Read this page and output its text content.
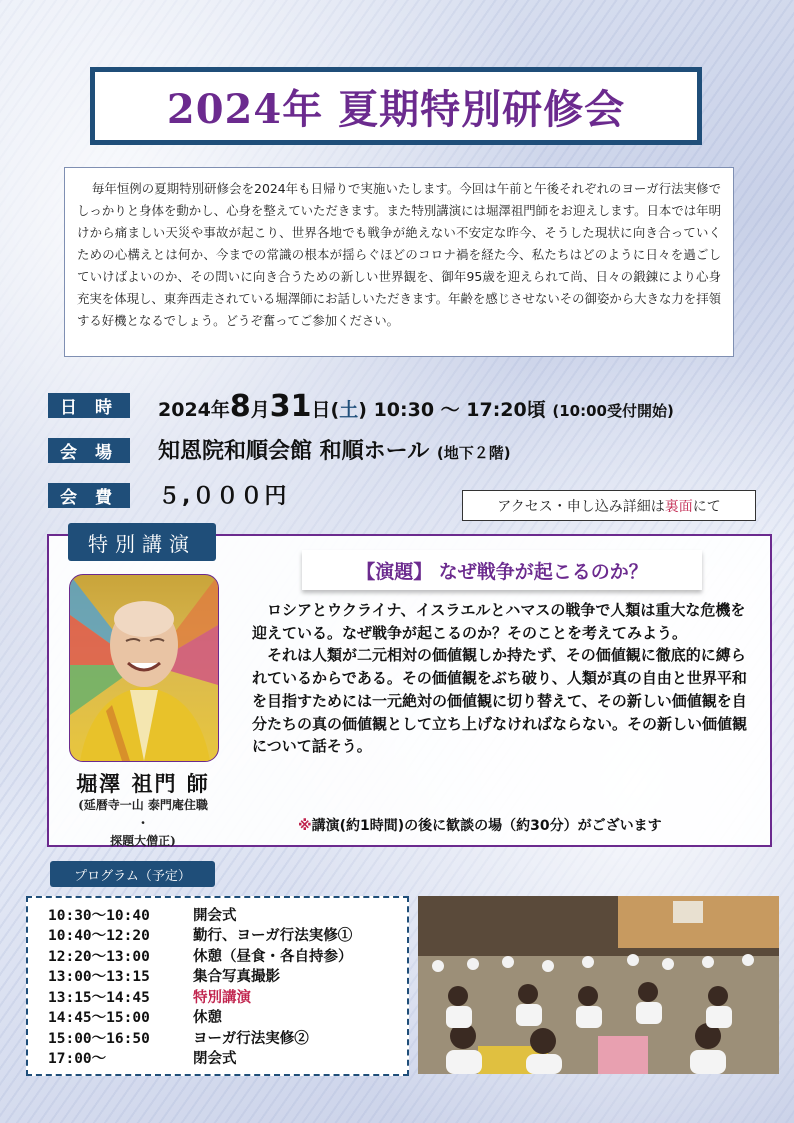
2024年 夏期特別研修会
毎年恒例の夏期特別研修会を2024年も日帰りで実施いたします。今回は午前と午後それぞれのヨーガ行法実修でしっかりと身体を動かし、心身を整えていただきます。また特別講演には堀澤祖門師をお迎えします。日本では年明けから痛ましい天災や事故が起こり、世界各地でも戦争が絶えない不安定な昨今、そうした現状に向き合っていくための心構えとは何か、今までの常識の根本が揺らぐほどのコロナ禍を経た今、私たちはどのように日々を過ごしていけばよいのか、その問いに向き合うための新しい世界観を、御年95歳を迎えられて尚、日々の鍛錬により心身充実を体現し、東奔西走されている堀澤師にお話しいただきます。年齢を感じさせないその御姿から大きな力を拝領する好機となるでしょう。どうぞ奮ってご参加ください。
日 時	2024年8月31日(土) 10:30 ～ 17:20頃 (10:00受付開始)
会 場	知恩院和順会館 和順ホール (地下２階)
会 費	５,０００円	アクセス・申し込み詳細は 裏面 にて
特別講演
堀澤 祖門 師
(延暦寺一山 泰門庵住職
・
探題大僧正)
【演題】 なぜ戦争が起こるのか？

ロシアとウクライナ、イスラエルとハマスの戦争で人類は重大な危機を迎えている。なぜ戦争が起こるのか？そのことを考えてみよう。

それは人類が二元相対の価値観しか持たず、その価値観に徹底的に縛られているからである。その価値観をぶち破り、人類が真の自由と世界平和を目指すためには一元絶対の価値観に切り替えて、その新しい価値観を自分たちの真の価値観として立ち上げなければならない。その新しい価値観について話そう。

※講演(約1時間)の後に歓談の場（約30分）がございます
プログラム（予定）
10:30～10:40	開会式
10:40～12:20	勤行、ヨーガ行法実修①
12:20～13:00	休憩（昼食・各自持参）
13:00～13:15	集合写真撮影
13:15～14:45	特別講演
14:45～15:00	休憩
15:00～16:50	ヨーガ行法実修②
17:00～	閉会式
